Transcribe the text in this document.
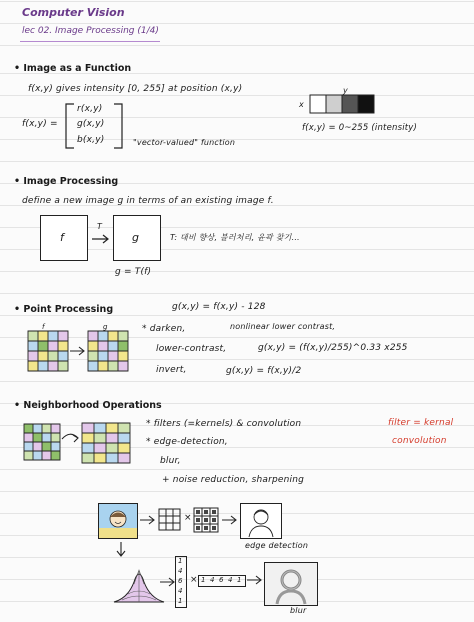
Computer Vision
lec 02. Image Processing (1/4)
• Image as a Function
f(x,y) gives intensity [0, 255] at position (x,y)
f(x,y) =
r(x,y)
g(x,y)
b(x,y)	"vector-valued" function
x
y
f(x,y) = 0~255 (intensity)
• Image Processing
define a new image g in terms of an existing image f.
f
T
g	T: 대비 향상, 블러처리, 윤곽 찾기…
g = T(f)
• Point Processing	g(x,y) = f(x,y) - 128
f	g	* darken,	nonlinear lower contrast,
lower-contrast,	g(x,y) = (f(x,y)/255)^0.33 x255
invert,	g(x,y) = f(x,y)/2
• Neighborhood Operations
* filters (=kernels) & convolution	filter = kernal
* edge-detection,	convolution
blur,
+ noise reduction, sharpening
×
edge detection
1
4
6
4
1
× 1 4 6 4 1
blur
